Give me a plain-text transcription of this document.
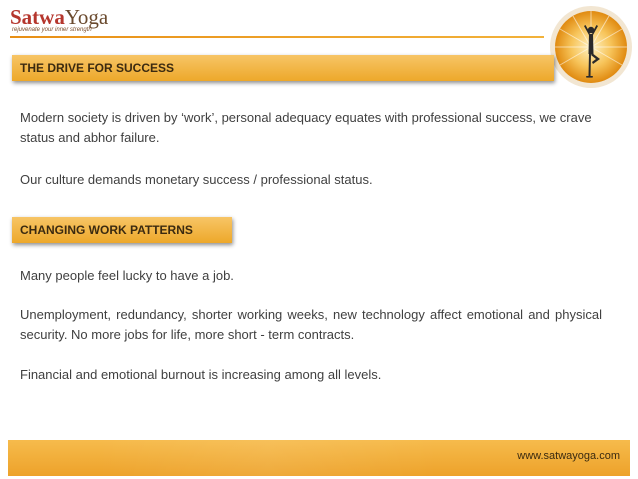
SatwaYoga
rejuvenate your inner strength
THE DRIVE FOR SUCCESS

Modern society is driven by ‘work’, personal adequacy equates with professional success, we crave status and abhor failure.

Our culture demands monetary success / professional status.

CHANGING WORK PATTERNS

Many people feel lucky to have a job.

Unemployment, redundancy, shorter working weeks, new technology affect emotional and physical security. No more jobs for life, more short - term contracts.

Financial and emotional burnout is increasing among all levels.

www.satwayoga.com
